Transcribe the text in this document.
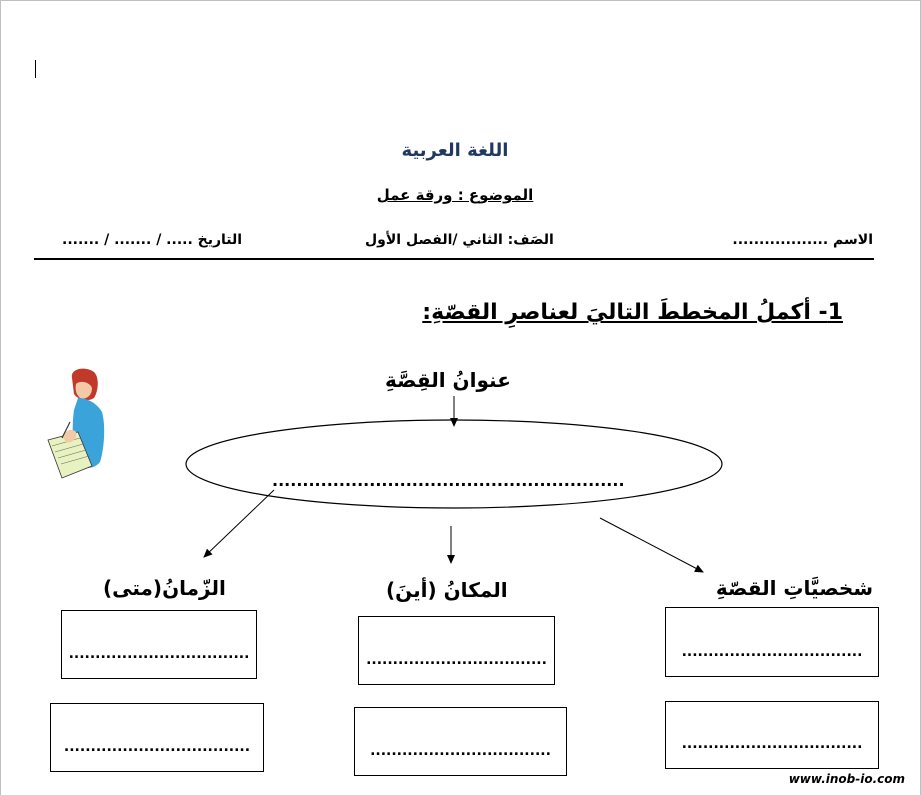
اللغة العربية
الموضوع : ورقة عمل
الاسم ..................
الصَف: الثاني /الفصل الأول
التاريخ ..... / ....... / .......
1- أكملُ المخططَ التاليَ لعناصرِ القصّةِ:
عنوانُ القِصَّةِ
..........................................................
شخصيَّاتِ القصّةِ
المكانُ (أينَ)
الزّمانُ(متى)
..................................
..................................
..................................
..................................
..................................
...................................
www.inob-io.com
